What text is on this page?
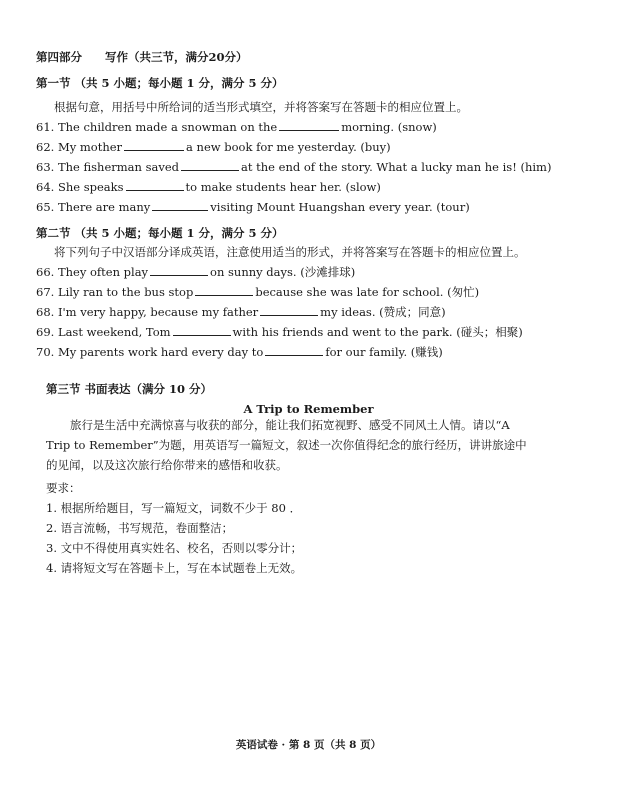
第四部分　　写作（共三节，满分20分）
第一节 （共 5 小题；每小题 1 分，满分 5 分）
根据句意，用括号中所给词的适当形式填空，并将答案写在答题卡的相应位置上。
61. The children made a snowman on the	morning. (snow)
62. My mother	a new book for me yesterday. (buy)
63. The fisherman saved	at the end of the story. What a lucky man he is! (him)
64. She speaks	to make students hear her. (slow)
65. There are many	visiting Mount Huangshan every year. (tour)
第二节 （共 5 小题；每小题 1 分，满分 5 分）
将下列句子中汉语部分译成英语，注意使用适当的形式，并将答案写在答题卡的相应位置上。
66. They often play	on sunny days. (沙滩排球)
67. Lily ran to the bus stop	because she was late for school. (匆忙)
68. I'm very happy, because my father	my ideas. (赞成；同意)
69. Last weekend, Tom	with his friends and went to the park. (碰头；相聚)
70. My parents work hard every day to	for our family. (赚钱)
第三节 书面表达（满分 10 分）
A Trip to Remember
旅行是生活中充满惊喜与收获的部分，能让我们拓宽视野、感受不同风土人情。请以“A Trip to Remember”为题，用英语写一篇短文，叙述一次你值得纪念的旅行经历，讲讲旅途中的见闻，以及这次旅行给你带来的感悟和收获。
要求：
1. 根据所给题目，写一篇短文，词数不少于 80 ．
2. 语言流畅，书写规范，卷面整洁；
3. 文中不得使用真实姓名、校名，否则以零分计；
4. 请将短文写在答题卡上，写在本试题卷上无效。
英语试卷 · 第 8 页（共 8 页）
